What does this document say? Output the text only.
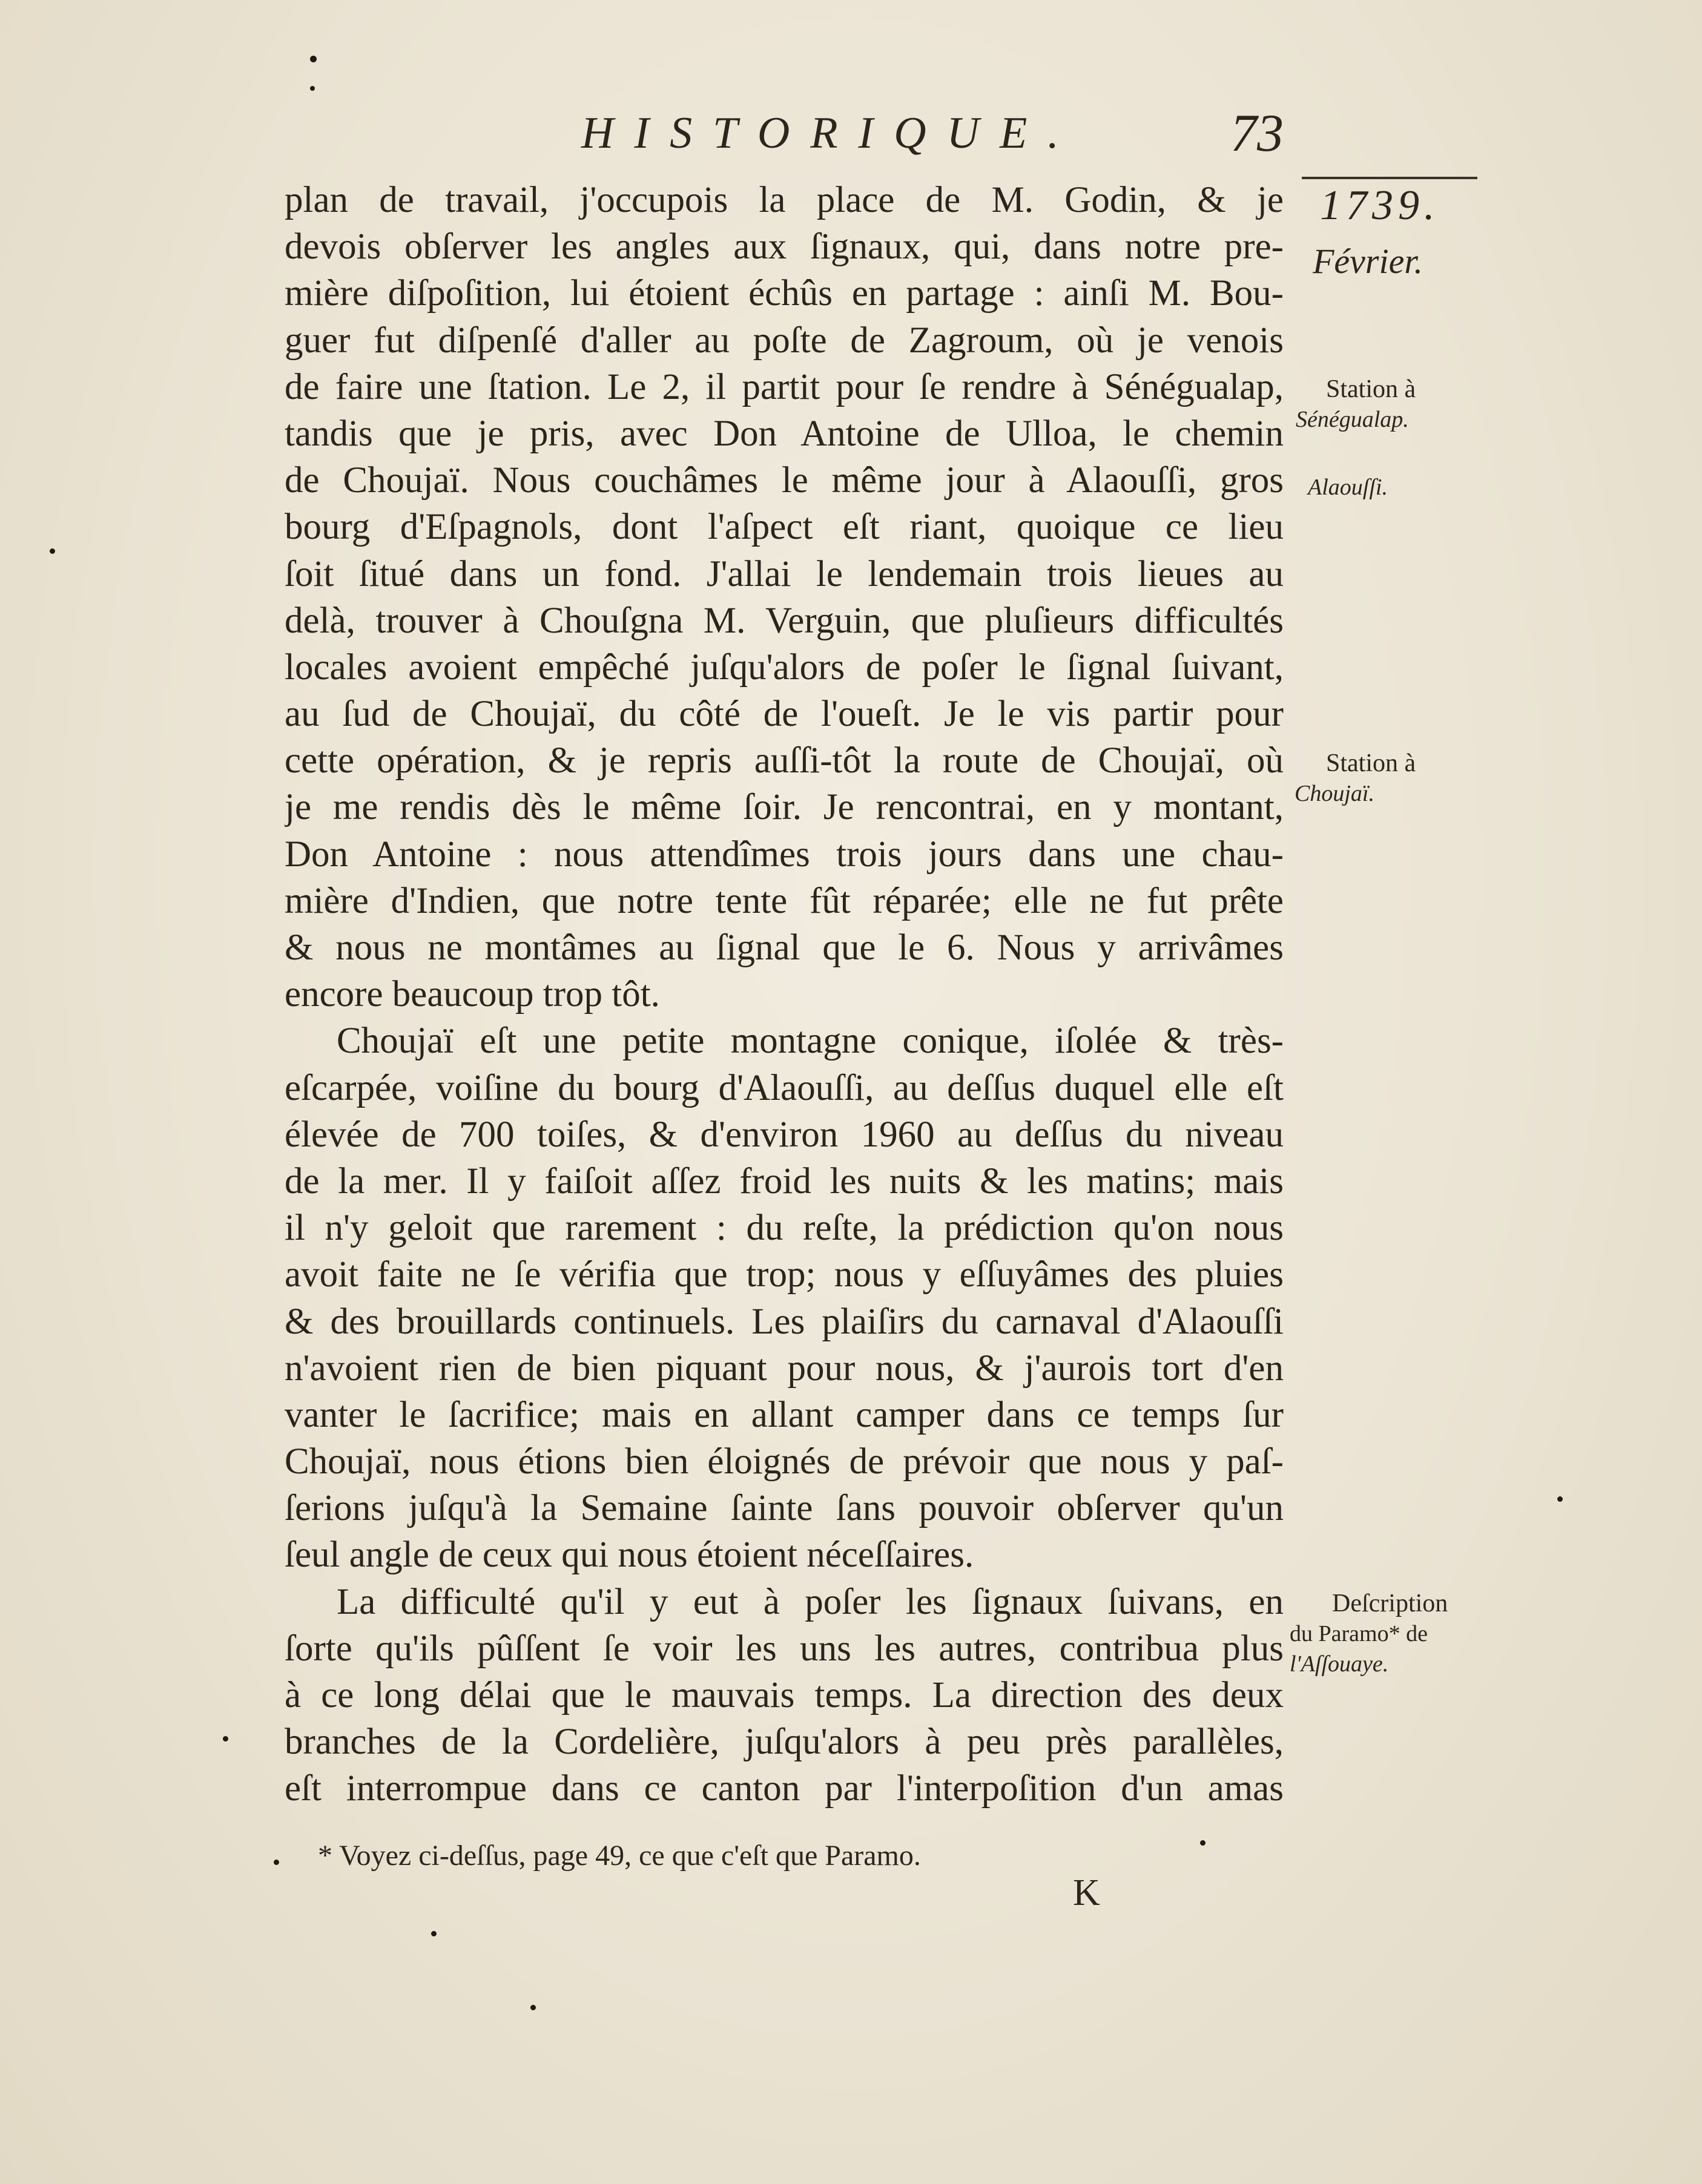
HISTORIQUE.	73
1739.
Février.
Station à
Sénégualap.
Alaouſſi.
Station à
Choujaï.
Deſcription
du Paramo* de
l'Aſſouaye.
plan de travail, j'occupois la place de M. Godin, & je
devois obſerver les angles aux ſignaux, qui, dans notre pre-
mière diſpoſition, lui étoient échûs en partage : ainſi M. Bou-
guer fut diſpenſé d'aller au poſte de Zagroum, où je venois
de faire une ſtation. Le 2, il partit pour ſe rendre à Sénégualap,
tandis que je pris, avec Don Antoine de Ulloa, le chemin
de Choujaï. Nous couchâmes le même jour à Alaouſſi, gros
bourg d'Eſpagnols, dont l'aſpect eſt riant, quoique ce lieu
ſoit ſitué dans un fond. J'allai le lendemain trois lieues au
delà, trouver à Chouſgna M. Verguin, que pluſieurs difficultés
locales avoient empêché juſqu'alors de poſer le ſignal ſuivant,
au ſud de Choujaï, du côté de l'oueſt. Je le vis partir pour
cette opération, & je repris auſſi-tôt la route de Choujaï, où
je me rendis dès le même ſoir. Je rencontrai, en y montant,
Don Antoine : nous attendîmes trois jours dans une chau-
mière d'Indien, que notre tente fût réparée; elle ne fut prête
& nous ne montâmes au ſignal que le 6. Nous y arrivâmes
encore beaucoup trop tôt.
Choujaï eſt une petite montagne conique, iſolée & très-
eſcarpée, voiſine du bourg d'Alaouſſi, au deſſus duquel elle eſt
élevée de 700 toiſes, & d'environ 1960 au deſſus du niveau
de la mer. Il y faiſoit aſſez froid les nuits & les matins; mais
il n'y geloit que rarement : du reſte, la prédiction qu'on nous
avoit faite ne ſe vérifia que trop; nous y eſſuyâmes des pluies
& des brouillards continuels. Les plaiſirs du carnaval d'Alaouſſi
n'avoient rien de bien piquant pour nous, & j'aurois tort d'en
vanter le ſacrifice; mais en allant camper dans ce temps ſur
Choujaï, nous étions bien éloignés de prévoir que nous y paſ-
ſerions juſqu'à la Semaine ſainte ſans pouvoir obſerver qu'un
ſeul angle de ceux qui nous étoient néceſſaires.
La difficulté qu'il y eut à poſer les ſignaux ſuivans, en
ſorte qu'ils pûſſent ſe voir les uns les autres, contribua plus
à ce long délai que le mauvais temps. La direction des deux
branches de la Cordelière, juſqu'alors à peu près parallèles,
eſt interrompue dans ce canton par l'interpoſition d'un amas
* Voyez ci-deſſus, page 49, ce que c'eſt que Paramo.
K
